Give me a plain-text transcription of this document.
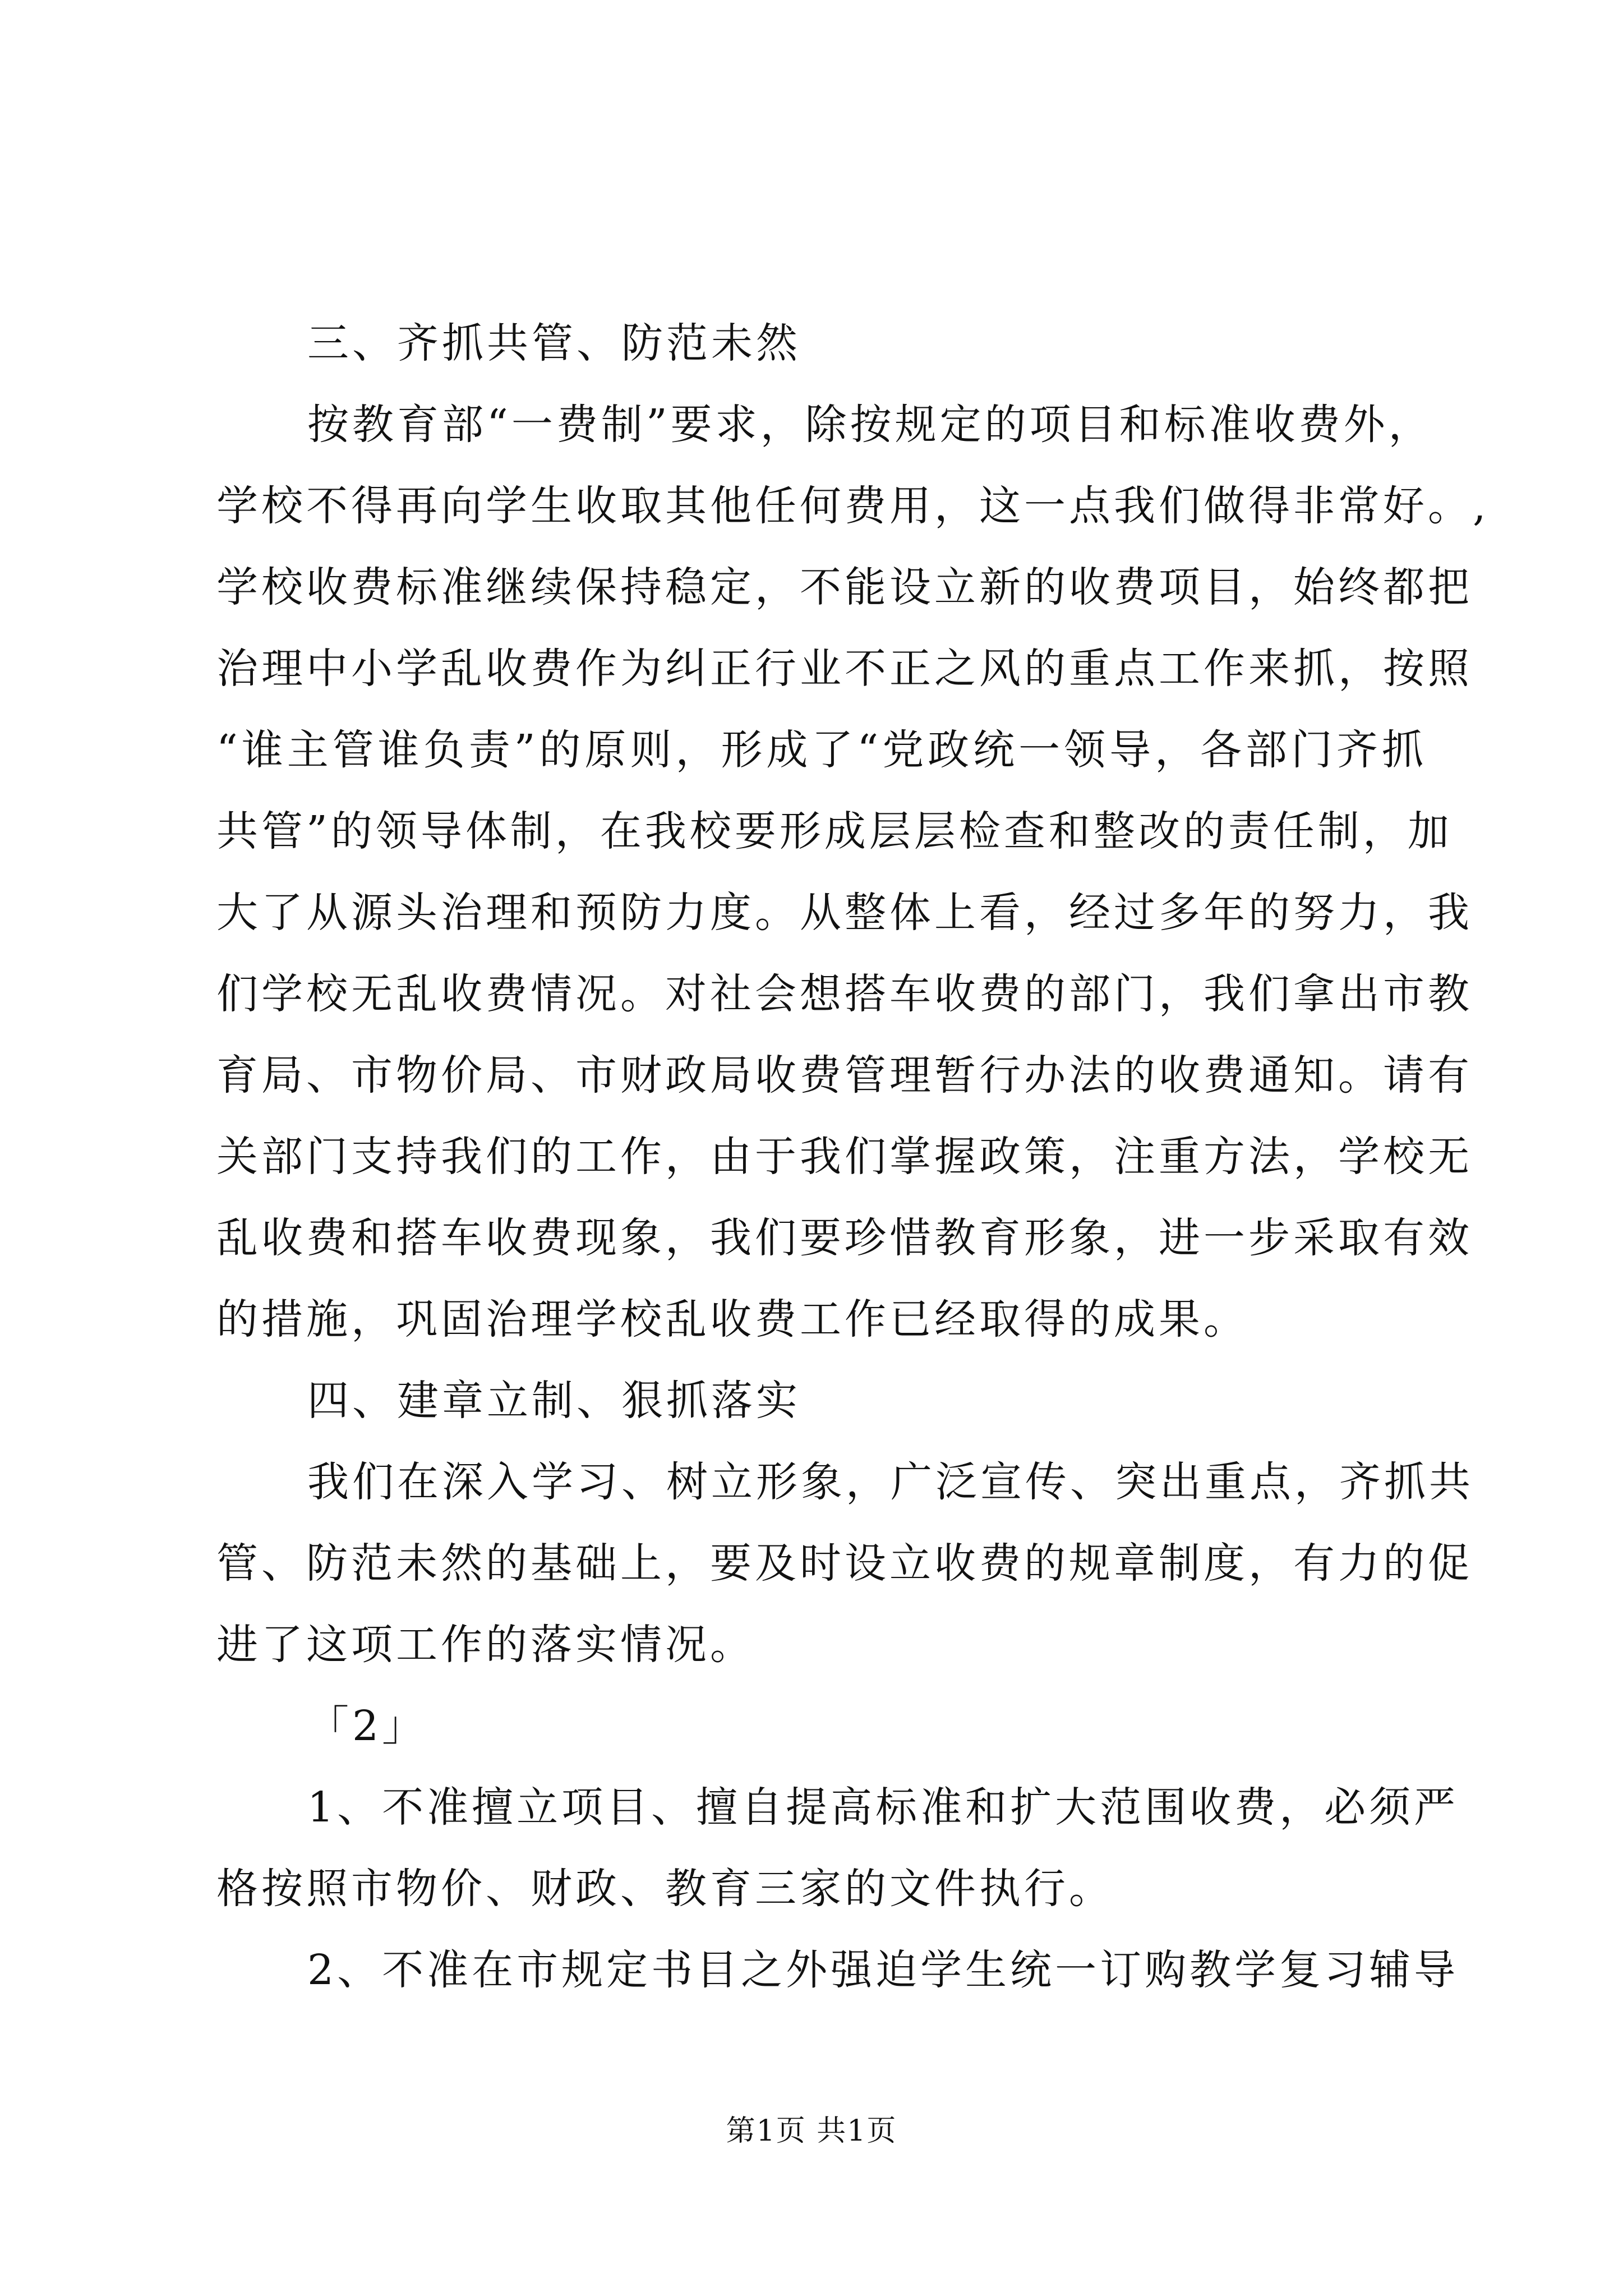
三、齐抓共管、防范未然
按教育部“一费制”要求，除按规定的项目和标准收费外，
学校不得再向学生收取其他任何费用，这一点我们做得非常好。,
学校收费标准继续保持稳定，不能设立新的收费项目，始终都把
治理中小学乱收费作为纠正行业不正之风的重点工作来抓，按照
“谁主管谁负责”的原则，形成了“党政统一领导，各部门齐抓
共管”的领导体制，在我校要形成层层检查和整改的责任制，加
大了从源头治理和预防力度。从整体上看，经过多年的努力，我
们学校无乱收费情况。对社会想搭车收费的部门，我们拿出市教
育局、市物价局、市财政局收费管理暂行办法的收费通知。请有
关部门支持我们的工作，由于我们掌握政策，注重方法，学校无
乱收费和搭车收费现象，我们要珍惜教育形象，进一步采取有效
的措施，巩固治理学校乱收费工作已经取得的成果。
四、建章立制、狠抓落实
我们在深入学习、树立形象，广泛宣传、突出重点，齐抓共
管、防范未然的基础上，要及时设立收费的规章制度，有力的促
进了这项工作的落实情况。
「2」
1、不准擅立项目、擅自提高标准和扩大范围收费，必须严
格按照市物价、财政、教育三家的文件执行。
2、不准在市规定书目之外强迫学生统一订购教学复习辅导
第1页 共1页
